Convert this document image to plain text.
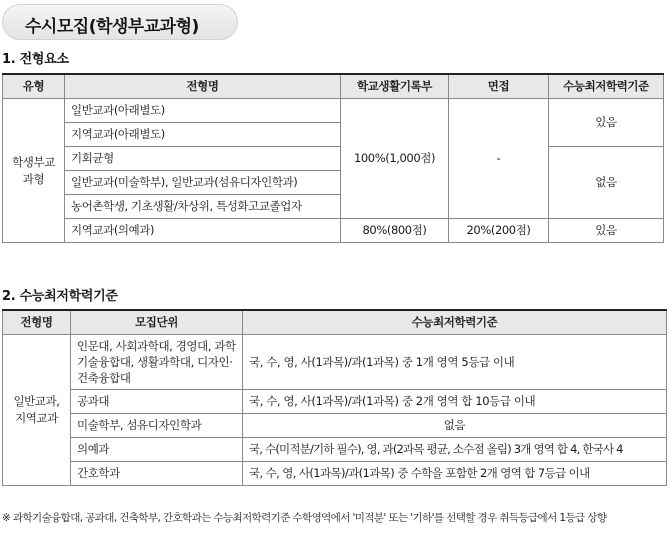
수시모집(학생부교과형)
1. 전형요소
유형	전형명	학교생활기록부	면접	수능최저학력기준
학생부교과형	일반교과(아래별도)	100%(1,000점)	-	있음
	지역교과(아래별도)			
	기회균형			없음
	일반교과(미술학부), 일반교과(섬유디자인학과)			
	농어촌학생, 기초생활/차상위, 특성화고교졸업자			
	지역교과(의예과)	80%(800점)	20%(200점)	있음
2. 수능최저학력기준
전형명	모집단위	수능최저학력기준
일반교과,
지역교과	인문대, 사회과학대, 경영대, 과학기술융합대, 생활과학대, 디자인·건축융합대	국, 수, 영, 사(1과목)/과(1과목) 중 1개 영역 5등급 이내
	공과대	국, 수, 영, 사(1과목)/과(1과목) 중 2개 영역 합 10등급 이내
	미술학부, 섬유디자인학과	없음
	의예과	국, 수(미적분/기하 필수), 영, 과(2과목 평균, 소수점 올림) 3개 영역 합 4, 한국사 4
	간호학과	국, 수, 영, 사(1과목)/과(1과목) 중 수학을 포함한 2개 영역 합 7등급 이내
※ 과학기술융합대, 공과대, 건축학부, 간호학과는 수능최저학력기준 수학영역에서 '미적분' 또는 '기하'를 선택할 경우 취득등급에서 1등급 상향
